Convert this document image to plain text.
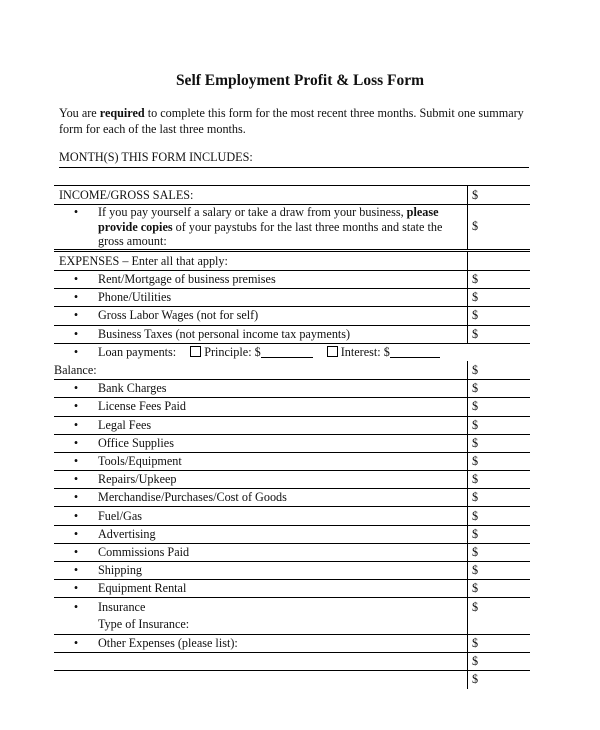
Self Employment Profit & Loss Form
You are required to complete this form for the most recent three months. Submit one summary form for each of the last three months.
MONTH(S) THIS FORM INCLUDES:
INCOME/GROSS SALES:	$

• If you pay yourself a salary or take a draw from your business, please provide copies of your paystubs for the last three months and state the gross amount:	$
EXPENSES – Enter all that apply:	
• Rent/Mortgage of business premises	$
• Phone/Utilities	$
• Gross Labor Wages (not for self)	$
• Business Taxes (not personal income tax payments)	$
• Loan payments: Principle: $ Interest: $	
Balance:	$
• Bank Charges	$
• License Fees Paid	$
• Legal Fees	$
• Office Supplies	$
• Tools/Equipment	$
• Repairs/Upkeep	$
• Merchandise/Purchases/Cost of Goods	$
• Fuel/Gas	$
• Advertising	$
• Commissions Paid	$
• Shipping	$
• Equipment Rental	$
• Insurance	$
Type of Insurance:	
• Other Expenses (please list):	$
	$
	$
